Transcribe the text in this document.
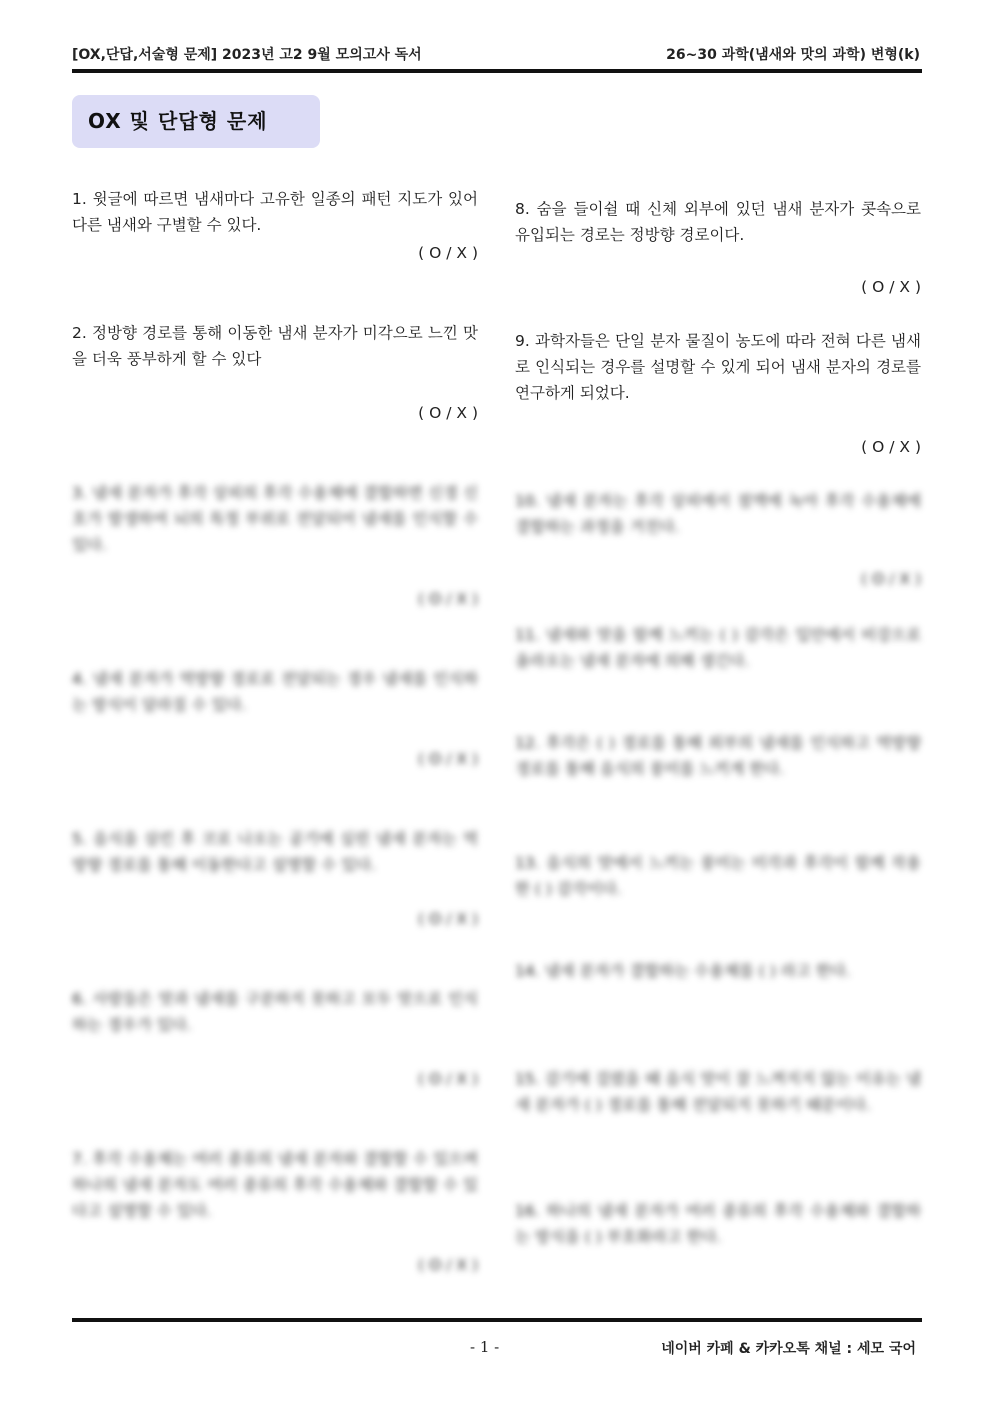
[OX,단답,서술형 문제] 2023년 고2 9월 모의고사 독서	26~30 과학(냄새와 맛의 과학) 변형(k)
OX 및 단답형 문제
1. 윗글에 따르면 냄새마다 고유한 일종의 패턴 지도가 있어 다른 냄새와 구별할 수 있다.
( O / X )
2. 정방향 경로를 통해 이동한 냄새 분자가 미각으로 느낀 맛을 더욱 풍부하게 할 수 있다
( O / X )
3. 냄새 분자가 후각 상피의 후각 수용체에 결합하면 신경 신호가 발생하여 뇌의 특정 부위로 전달되어 냄새를 인식할 수 있다.
( O / X )
4. 냄새 분자가 역방향 경로로 전달되는 경우 냄새를 인식하는 방식이 달라질 수 있다.
( O / X )
5. 음식을 삼킨 후 코로 나오는 공기에 실린 냄새 분자는 역방향 경로를 통해 이동한다고 설명할 수 있다.
( O / X )
6. 사람들은 맛과 냄새를 구분하지 못하고 모두 맛으로 인식하는 경우가 있다.
( O / X )
7. 후각 수용체는 여러 종류의 냄새 분자와 결합할 수 있으며 하나의 냄새 분자도 여러 종류의 후각 수용체와 결합할 수 있다고 설명할 수 있다.
( O / X )
8. 숨을 들이쉴 때 신체 외부에 있던 냄새 분자가 콧속으로 유입되는 경로는 정방향 경로이다.
( O / X )
9. 과학자들은 단일 분자 물질이 농도에 따라 전혀 다른 냄새로 인식되는 경우를 설명할 수 있게 되어 냄새 분자의 경로를 연구하게 되었다.
( O / X )
10. 냄새 분자는 후각 상피에서 점액에 녹아 후각 수용체에 결합하는 과정을 거친다.
( O / X )
11. 냄새와 맛을 함께 느끼는 ( ) 감각은 입안에서 비강으로 올라오는 냄새 분자에 의해 생긴다.
12. 후각은 ( ) 경로를 통해 외부의 냄새를 인식하고 역방향 경로를 통해 음식의 풍미를 느끼게 한다.
13. 음식의 맛에서 느끼는 풍미는 미각과 후각이 함께 작용한 ( ) 감각이다.
14. 냄새 분자가 결합하는 수용체를 ( ) 라고 한다.
15. 감기에 걸렸을 때 음식 맛이 잘 느껴지지 않는 이유는 냄새 분자가 ( ) 경로를 통해 전달되지 못하기 때문이다.
16. 하나의 냄새 분자가 여러 종류의 후각 수용체와 결합하는 방식을 ( ) 부호화라고 한다.
- 1 -	네이버 카페 & 카카오톡 채널 : 세모 국어
